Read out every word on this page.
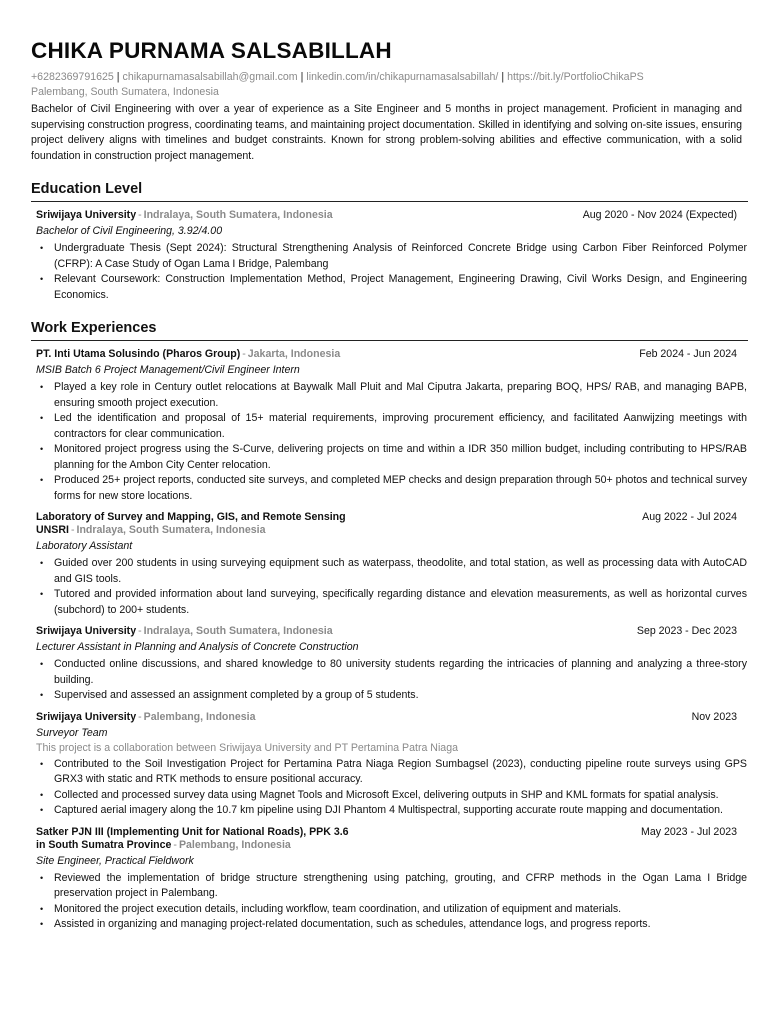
CHIKA PURNAMA SALSABILLAH
+6282369791625 | chikapurnamasalsabillah@gmail.com | linkedin.com/in/chikapurnamasalsabillah/ | https://bit.ly/PortfolioChikaPS
Palembang, South Sumatera, Indonesia

Bachelor of Civil Engineering with over a year of experience as a Site Engineer and 5 months in project management. Proficient in managing and supervising construction progress, coordinating teams, and maintaining project documentation. Skilled in identifying and solving on-site issues, ensuring project delivery aligns with timelines and budget constraints. Known for strong problem-solving abilities and effective communication, with a solid foundation in construction project management.

Education Level
Sriwijaya University - Indralaya, South Sumatera, Indonesia	Aug 2020 - Nov 2024 (Expected)
Bachelor of Civil Engineering, 3.92/4.00
• Undergraduate Thesis (Sept 2024): Structural Strengthening Analysis of Reinforced Concrete Bridge using Carbon Fiber Reinforced Polymer (CFRP): A Case Study of Ogan Lama I Bridge, Palembang
• Relevant Coursework: Construction Implementation Method, Project Management, Engineering Drawing, Civil Works Design, and Engineering Economics.
Work Experiences
PT. Inti Utama Solusindo (Pharos Group) - Jakarta, Indonesia	Feb 2024 - Jun 2024
MSIB Batch 6 Project Management/Civil Engineer Intern
• Played a key role in Century outlet relocations at Baywalk Mall Pluit and Mal Ciputra Jakarta, preparing BOQ, HPS/ RAB, and managing BAPB, ensuring smooth project execution.
• Led the identification and proposal of 15+ material requirements, improving procurement efficiency, and facilitated Aanwijzing meetings with contractors for clear communication.
• Monitored project progress using the S-Curve, delivering projects on time and within a IDR 350 million budget, including contributing to HPS/RAB planning for the Ambon City Center relocation.
• Produced 25+ project reports, conducted site surveys, and completed MEP checks and design preparation through 50+ photos and technical survey forms for new store locations.
Laboratory of Survey and Mapping, GIS, and Remote Sensing
UNSRI - Indralaya, South Sumatera, Indonesia
Aug 2022 - Jul 2024
Laboratory Assistant
• Guided over 200 students in using surveying equipment such as waterpass, theodolite, and total station, as well as processing data with AutoCAD and GIS tools.
• Tutored and provided information about land surveying, specifically regarding distance and elevation measurements, as well as horizontal curves (subchord) to 200+ students.
Sriwijaya University - Indralaya, South Sumatera, Indonesia	Sep 2023 - Dec 2023
Lecturer Assistant in Planning and Analysis of Concrete Construction
• Conducted online discussions, and shared knowledge to 80 university students regarding the intricacies of planning and analyzing a three-story building.
• Supervised and assessed an assignment completed by a group of 5 students.
Sriwijaya University - Palembang, Indonesia	Nov 2023
Surveyor Team
This project is a collaboration between Sriwijaya University and PT Pertamina Patra Niaga
• Contributed to the Soil Investigation Project for Pertamina Patra Niaga Region Sumbagsel (2023), conducting pipeline route surveys using GPS GRX3 with static and RTK methods to ensure positional accuracy.
• Collected and processed survey data using Magnet Tools and Microsoft Excel, delivering outputs in SHP and KML formats for spatial analysis.
• Captured aerial imagery along the 10.7 km pipeline using DJI Phantom 4 Multispectral, supporting accurate route mapping and documentation.
Satker PJN III (Implementing Unit for National Roads), PPK 3.6
in South Sumatra Province - Palembang, Indonesia
May 2023 - Jul 2023
Site Engineer, Practical Fieldwork
• Reviewed the implementation of bridge structure strengthening using patching, grouting, and CFRP methods in the Ogan Lama I Bridge preservation project in Palembang.
• Monitored the project execution details, including workflow, team coordination, and utilization of equipment and materials.
• Assisted in organizing and managing project-related documentation, such as schedules, attendance logs, and progress reports.
